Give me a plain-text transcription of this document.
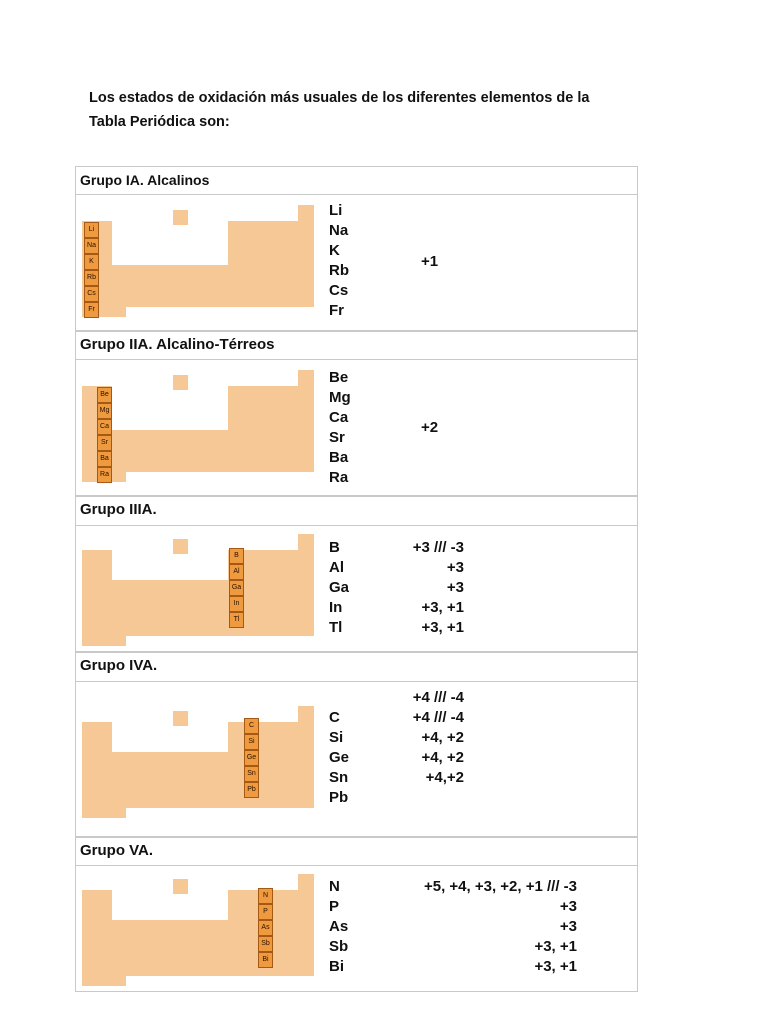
Los estados de oxidación más usuales de los diferentes elementos de la
Tabla Periódica son:

Grupo IA. Alcalinos
Li
Na
K
Rb
Cs
Fr
Li
Na
K
Rb
Cs
Fr
+1
Grupo IIA. Alcalino-Térreos
Be
Mg
Ca
Sr
Ba
Ra
Be
Mg
Ca
Sr
Ba
Ra
+2
Grupo IIIA.
B
Al
Ga
In
Tl
B
Al
Ga
In
Tl
+3 /// -3
+3
+3
+3, +1
+3, +1
Grupo IVA.
C
Si
Ge
Sn
Pb
C
Si
Ge
Sn
Pb
+4 /// -4
+4 /// -4
+4, +2
+4, +2
+4,+2
Grupo VA.
N
P
As
Sb
Bi
N
P
As
Sb
Bi
+5, +4, +3, +2, +1 /// -3
+3
+3
+3, +1
+3, +1
